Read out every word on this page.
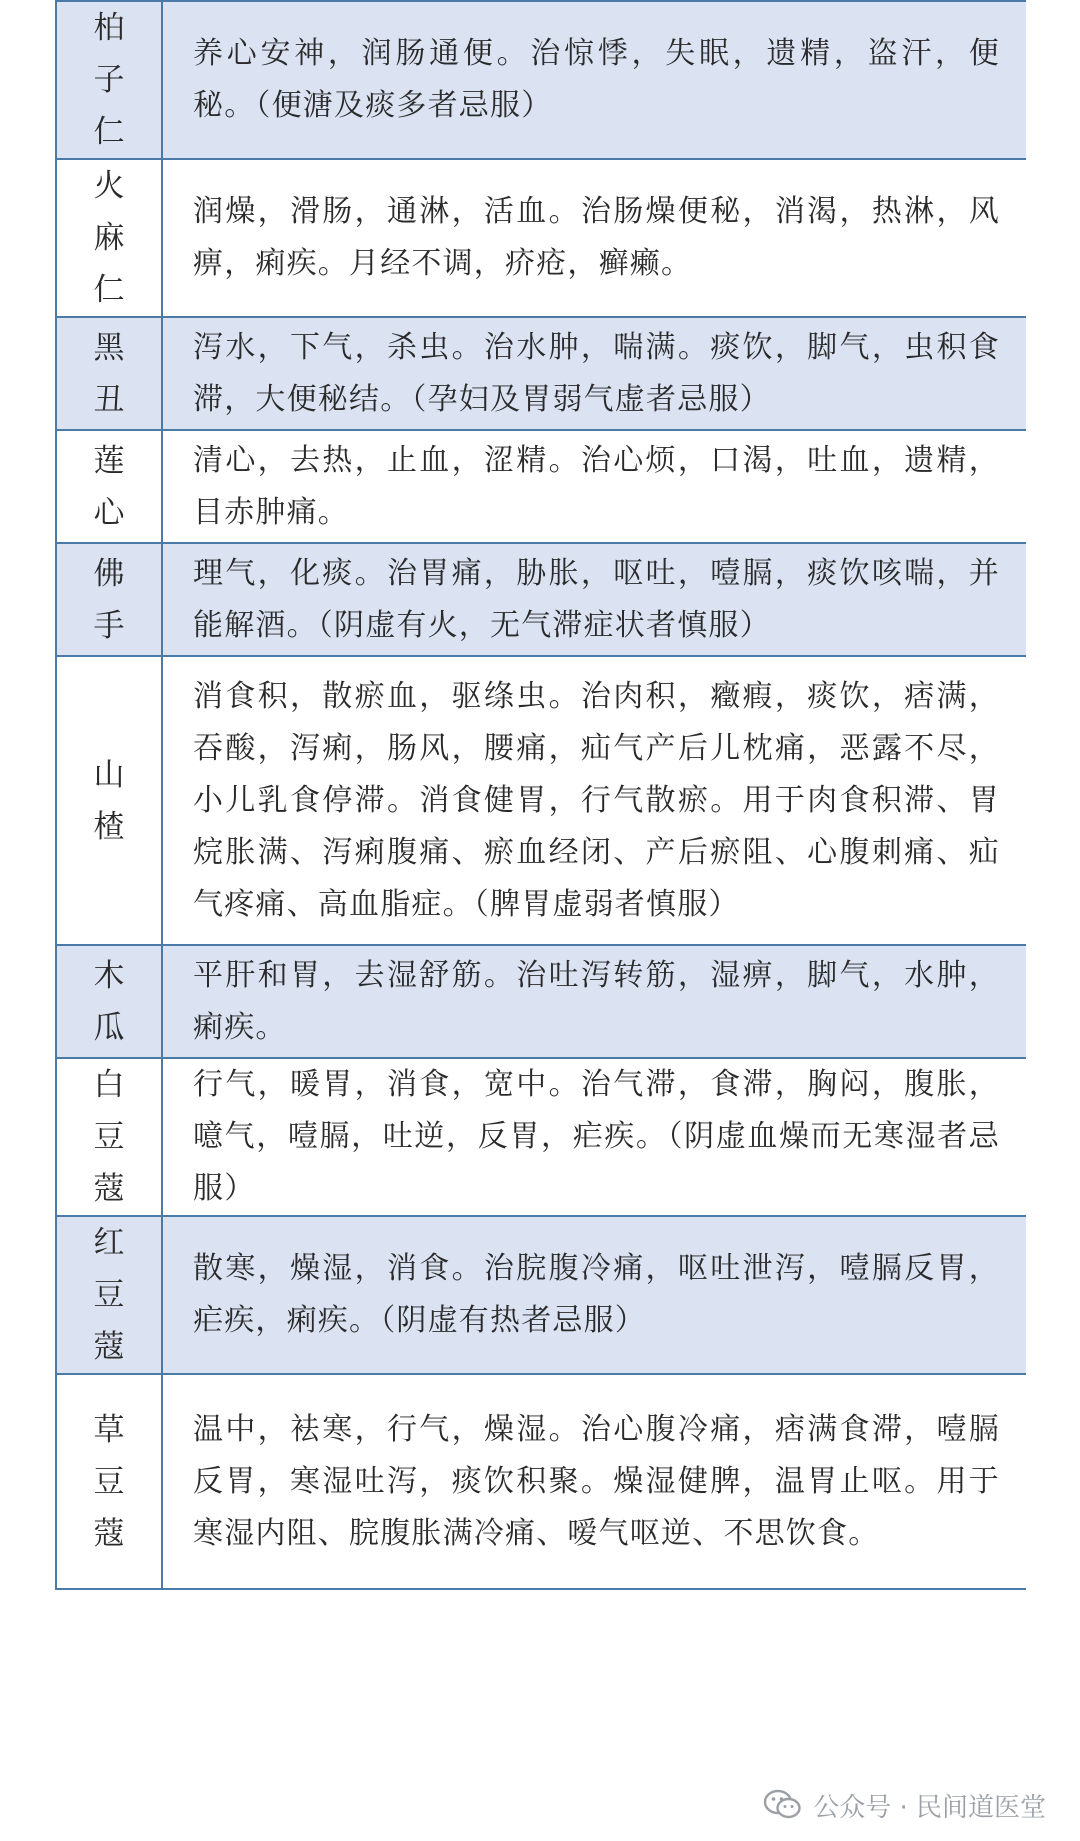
柏
子
仁	养心安神，润肠通便。治惊悸，失眠，遗精，盗汗，便秘。（便溏及痰多者忌服）

火
麻
仁	润燥，滑肠，通淋，活血。治肠燥便秘，消渴，热淋，风痹，痢疾。月经不调，疥疮，癣癞。

黑
丑	泻水，下气，杀虫。治水肿，喘满。痰饮，脚气，虫积食滞，大便秘结。（孕妇及胃弱气虚者忌服）

莲
心	清心，去热，止血，涩精。治心烦，口渴，吐血，遗精，目赤肿痛。

佛
手	理气，化痰。治胃痛，胁胀，呕吐，噎膈，痰饮咳喘，并能解酒。（阴虚有火，无气滞症状者慎服）

山
楂	消食积，散瘀血，驱绦虫。治肉积，癥瘕，痰饮，痞满，吞酸，泻痢，肠风，腰痛，疝气产后儿枕痛，恶露不尽，小儿乳食停滞。消食健胃，行气散瘀。用于肉食积滞、胃烷胀满、泻痢腹痛、瘀血经闭、产后瘀阻、心腹刺痛、疝气疼痛、高血脂症。（脾胃虚弱者慎服）

木
瓜	平肝和胃，去湿舒筋。治吐泻转筋，湿痹，脚气，水肿，痢疾。

白
豆
蔻	行气，暖胃，消食，宽中。治气滞，食滞，胸闷，腹胀，噫气，噎膈，吐逆，反胃，疟疾。（阴虚血燥而无寒湿者忌服）

红
豆
蔻	散寒，燥湿，消食。治脘腹冷痛，呕吐泄泻，噎膈反胃，疟疾，痢疾。（阴虚有热者忌服）

草
豆
蔻	温中，袪寒，行气，燥湿。治心腹冷痛，痞满食滞，噎膈反胃，寒湿吐泻，痰饮积聚。燥湿健脾，温胃止呕。用于寒湿内阻、脘腹胀满冷痛、嗳气呕逆、不思饮食。
公众号 · 民间道医堂
